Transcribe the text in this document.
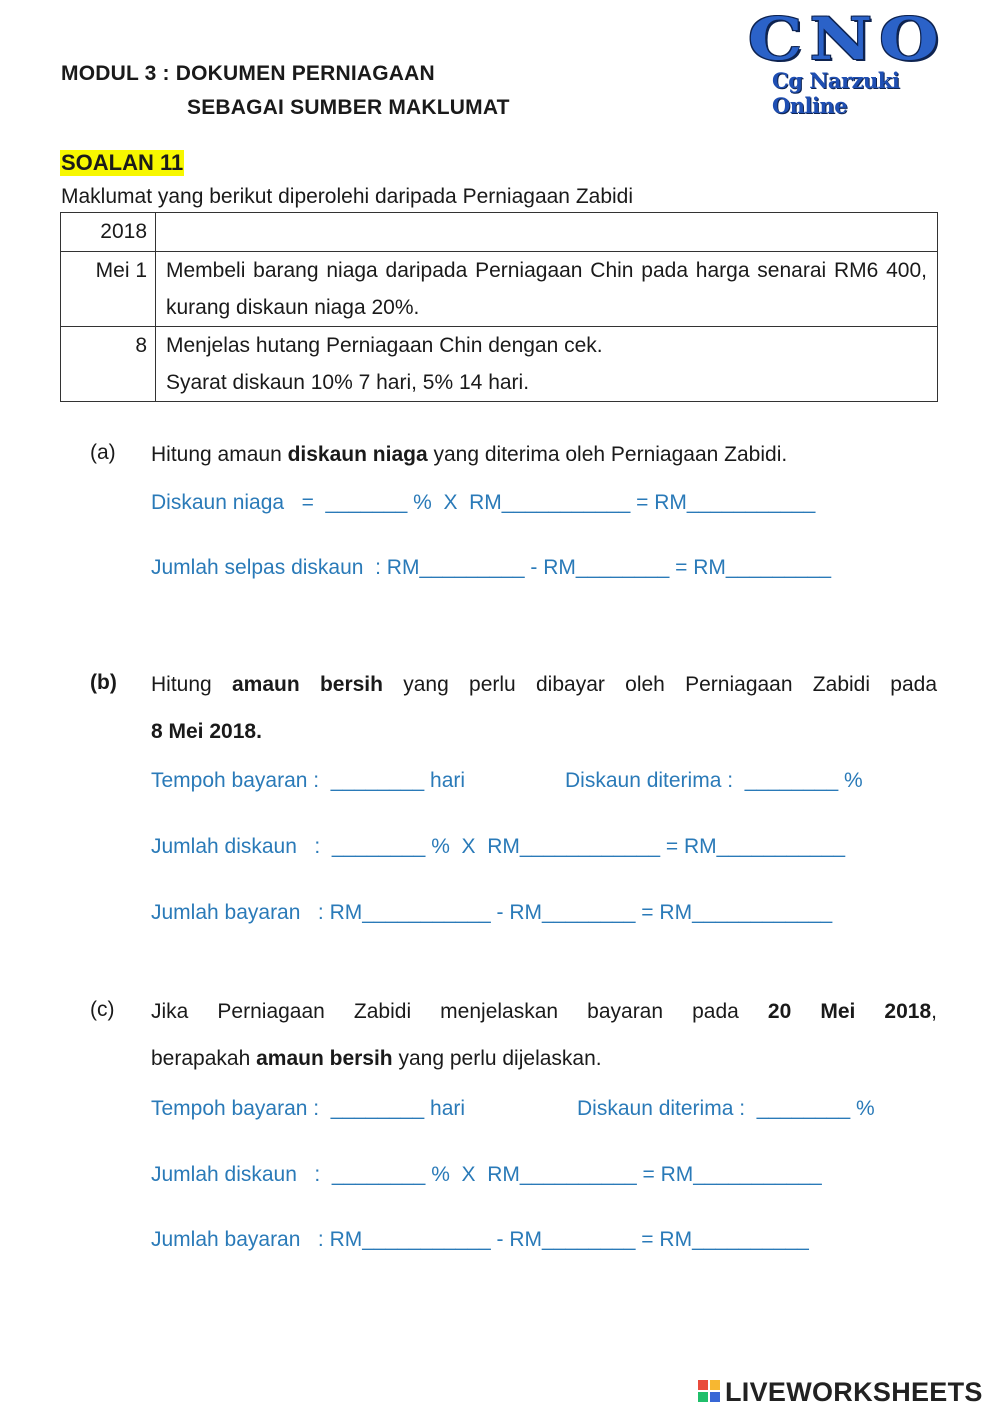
MODUL 3 : DOKUMEN PERNIAGAAN
SEBAGAI SUMBER MAKLUMAT
CNO
Cg Narzuki Online
SOALAN 11
Maklumat yang berikut diperolehi daripada Perniagaan Zabidi
2018	
Mei 1	Membeli barang niaga daripada Perniagaan Chin pada harga senarai RM6 400, kurang diskaun niaga 20%.
8	Menjelas hutang Perniagaan Chin dengan cek.
Syarat diskaun 10% 7 hari, 5% 14 hari.
(a) Hitung amaun diskaun niaga yang diterima oleh Perniagaan Zabidi.
Diskaun niaga   =  _______ %  X  RM___________ = RM___________
Jumlah selpas diskaun  : RM_________ - RM________ = RM_________
(b) Hitung amaun bersih yang perlu dibayar oleh Perniagaan Zabidi pada
8 Mei 2018.
Tempoh bayaran :  ________ hari	Diskaun diterima :  ________ %
Jumlah diskaun   :  ________ %  X  RM____________ = RM___________
Jumlah bayaran   : RM___________ - RM________ = RM____________
(c) Jika Perniagaan Zabidi menjelaskan bayaran pada 20 Mei 2018,
berapakah amaun bersih yang perlu dijelaskan.
Tempoh bayaran :  ________ hari	Diskaun diterima :  ________ %
Jumlah diskaun   :  ________ %  X  RM__________ = RM___________
Jumlah bayaran   : RM___________ - RM________ = RM__________
LIVEWORKSHEETS
